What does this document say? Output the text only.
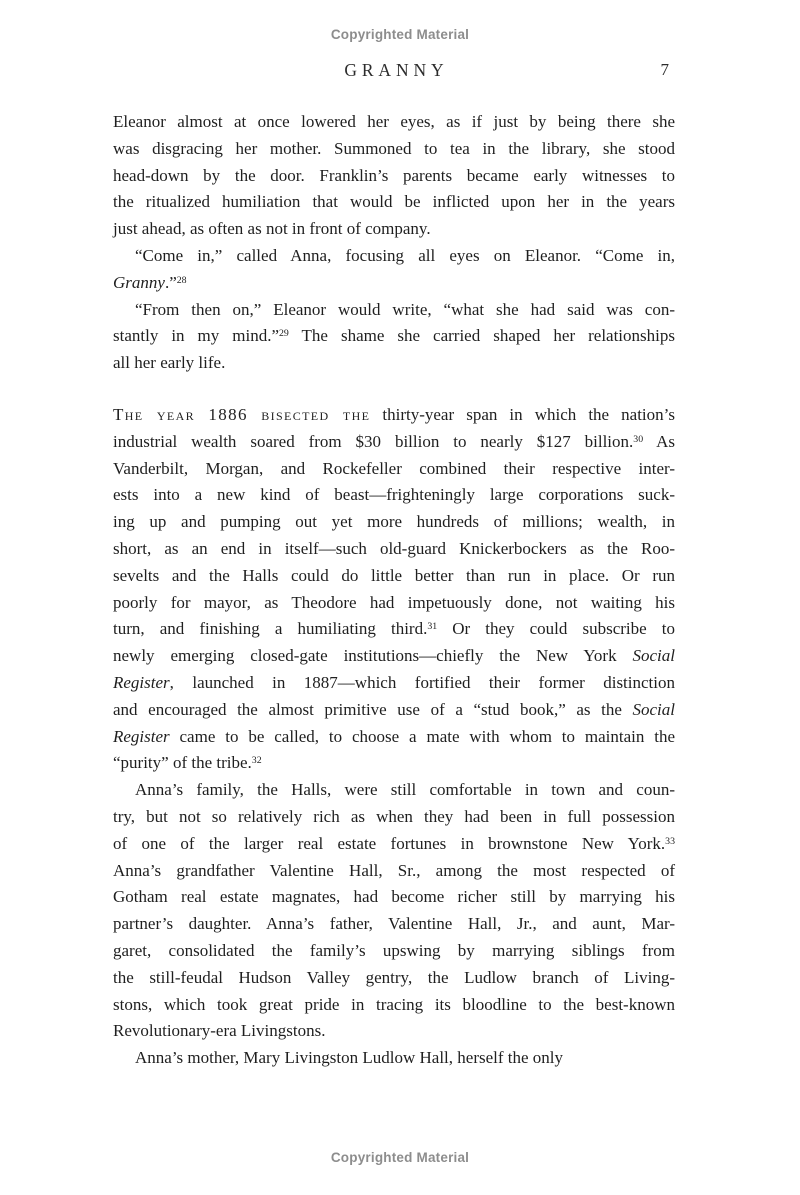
Copyrighted Material
GRANNY	7
Eleanor almost at once lowered her eyes, as if just by being there she
was disgracing her mother. Summoned to tea in the library, she stood
head-down by the door. Franklin’s parents became early witnesses to
the ritualized humiliation that would be inflicted upon her in the years
just ahead, as often as not in front of company.
“Come in,” called Anna, focusing all eyes on Eleanor. “Come in,
Granny.”$^{28}$
“From then on,” Eleanor would write, “what she had said was con-
stantly in my mind.”$^{29}$ The shame she carried shaped her relationships
all her early life.
The year 1886 bisected the thirty-year span in which the nation’s
industrial wealth soared from $30 billion to nearly $127 billion.$^{30}$ As
Vanderbilt, Morgan, and Rockefeller combined their respective inter-
ests into a new kind of beast—frighteningly large corporations suck-
ing up and pumping out yet more hundreds of millions; wealth, in
short, as an end in itself—such old-guard Knickerbockers as the Roo-
sevelts and the Halls could do little better than run in place. Or run
poorly for mayor, as Theodore had impetuously done, not waiting his
turn, and finishing a humiliating third.$^{31}$ Or they could subscribe to
newly emerging closed-gate institutions—chiefly the New York Social
Register, launched in 1887—which fortified their former distinction
and encouraged the almost primitive use of a “stud book,” as the Social
Register came to be called, to choose a mate with whom to maintain the
“purity” of the tribe.$^{32}$
Anna’s family, the Halls, were still comfortable in town and coun-
try, but not so relatively rich as when they had been in full possession
of one of the larger real estate fortunes in brownstone New York.$^{33}$
Anna’s grandfather Valentine Hall, Sr., among the most respected of
Gotham real estate magnates, had become richer still by marrying his
partner’s daughter. Anna’s father, Valentine Hall, Jr., and aunt, Mar-
garet, consolidated the family’s upswing by marrying siblings from
the still-feudal Hudson Valley gentry, the Ludlow branch of Living-
stons, which took great pride in tracing its bloodline to the best-known
Revolutionary-era Livingstons.
Anna’s mother, Mary Livingston Ludlow Hall, herself the only
Copyrighted Material
